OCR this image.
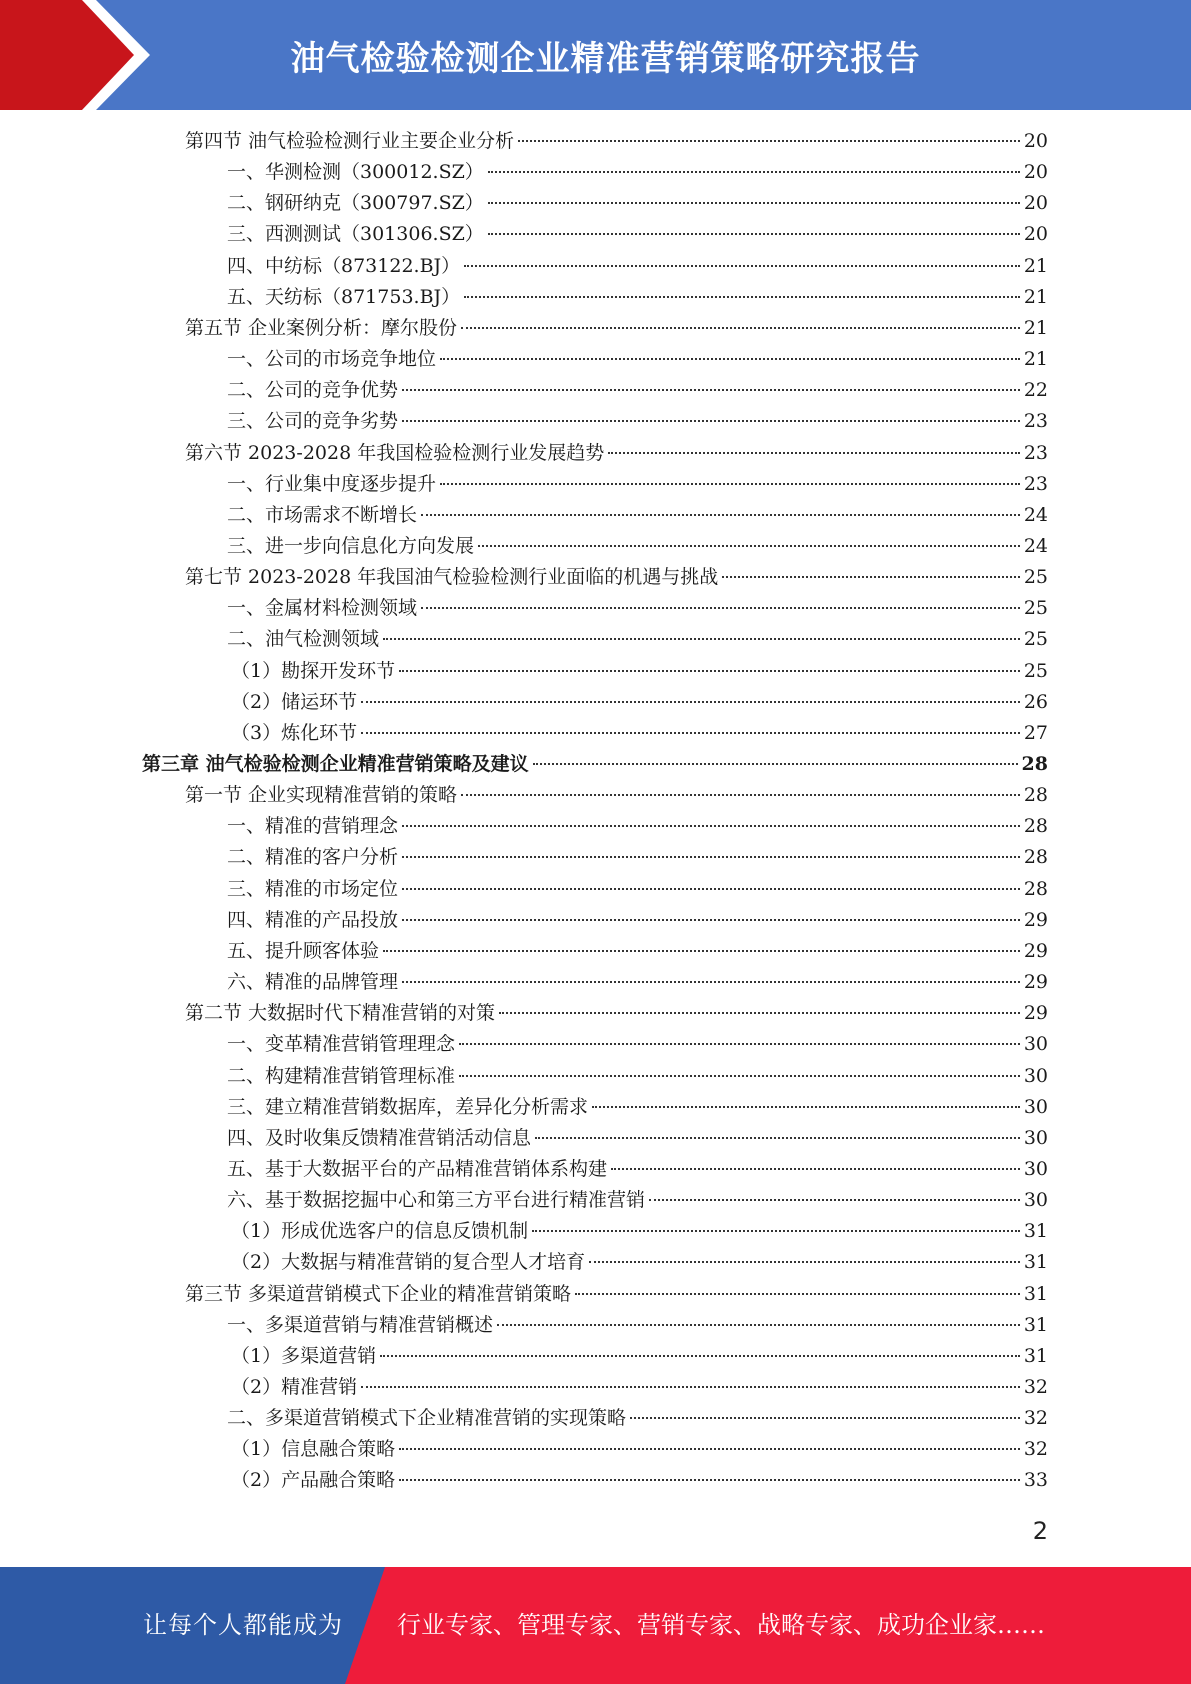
油气检验检测企业精准营销策略研究报告
第四节 油气检验检测行业主要企业分析	20
一、华测检测（300012.SZ）	20
二、钢研纳克（300797.SZ）	20
三、西测测试（301306.SZ）	20
四、中纺标（873122.BJ）	21
五、天纺标（871753.BJ）	21
第五节 企业案例分析：摩尔股份	21
一、公司的市场竞争地位	21
二、公司的竞争优势	22
三、公司的竞争劣势	23
第六节 2023-2028 年我国检验检测行业发展趋势	23
一、行业集中度逐步提升	23
二、市场需求不断增长	24
三、进一步向信息化方向发展	24
第七节 2023-2028 年我国油气检验检测行业面临的机遇与挑战	25
一、金属材料检测领域	25
二、油气检测领域	25
（1）勘探开发环节	25
（2）储运环节	26
（3）炼化环节	27
第三章 油气检验检测企业精准营销策略及建议	28
第一节 企业实现精准营销的策略	28
一、精准的营销理念	28
二、精准的客户分析	28
三、精准的市场定位	28
四、精准的产品投放	29
五、提升顾客体验	29
六、精准的品牌管理	29
第二节 大数据时代下精准营销的对策	29
一、变革精准营销管理理念	30
二、构建精准营销管理标准	30
三、建立精准营销数据库，差异化分析需求	30
四、及时收集反馈精准营销活动信息	30
五、基于大数据平台的产品精准营销体系构建	30
六、基于数据挖掘中心和第三方平台进行精准营销	30
（1）形成优选客户的信息反馈机制	31
（2）大数据与精准营销的复合型人才培育	31
第三节 多渠道营销模式下企业的精准营销策略	31
一、多渠道营销与精准营销概述	31
（1）多渠道营销	31
（2）精准营销	32
二、多渠道营销模式下企业精准营销的实现策略	32
（1）信息融合策略	32
（2）产品融合策略	33
2
让每个人都能成为 行业专家、管理专家、营销专家、战略专家、成功企业家……
